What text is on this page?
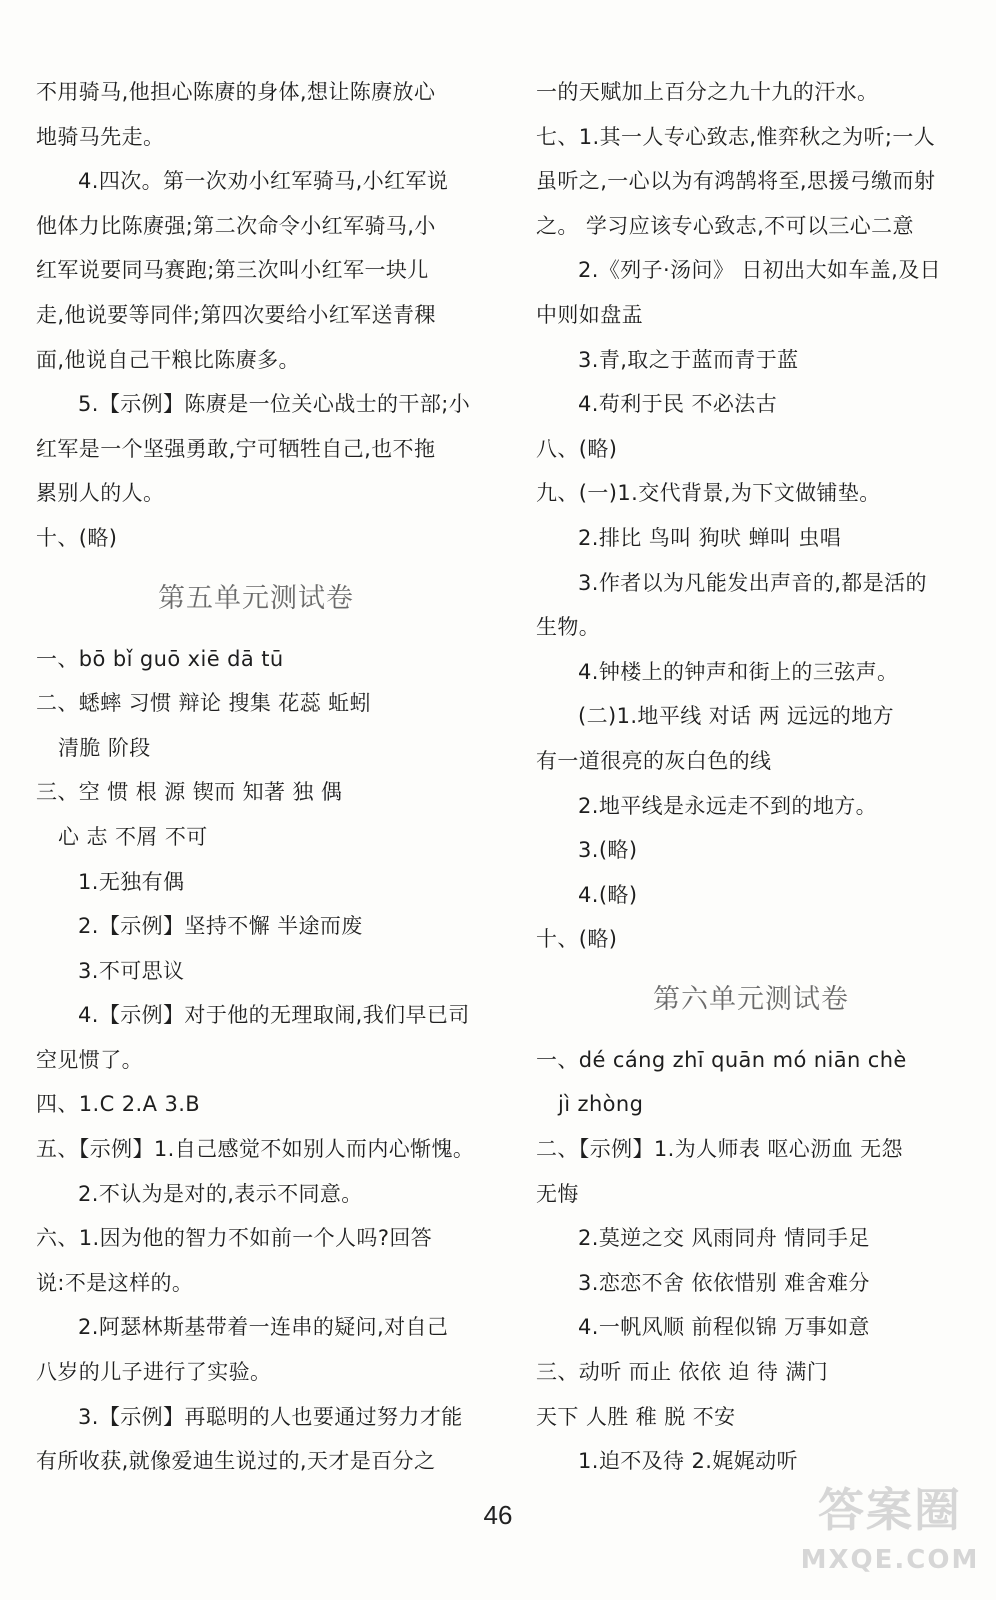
不用骑马,他担心陈赓的身体,想让陈赓放心
地骑马先走。
4.四次。第一次劝小红军骑马,小红军说
他体力比陈赓强;第二次命令小红军骑马,小
红军说要同马赛跑;第三次叫小红军一块儿
走,他说要等同伴;第四次要给小红军送青稞
面,他说自己干粮比陈赓多。
5.【示例】陈赓是一位关心战士的干部;小
红军是一个坚强勇敢,宁可牺牲自己,也不拖
累别人的人。
十、(略)
第五单元测试卷
一、bō bǐ guō xiē dā tū
二、蟋蟀 习惯 辩论 搜集 花蕊 蚯蚓
清脆 阶段
三、空 惯 根 源 锲而 知著 独 偶
心 志 不屑 不可
1.无独有偶
2.【示例】坚持不懈 半途而废
3.不可思议
4.【示例】对于他的无理取闹,我们早已司
空见惯了。
四、1.C 2.A 3.B
五、【示例】1.自己感觉不如别人而内心惭愧。
2.不认为是对的,表示不同意。
六、1.因为他的智力不如前一个人吗?回答
说:不是这样的。
2.阿瑟林斯基带着一连串的疑问,对自己
八岁的儿子进行了实验。
3.【示例】再聪明的人也要通过努力才能
有所收获,就像爱迪生说过的,天才是百分之
一的天赋加上百分之九十九的汗水。
七、1.其一人专心致志,惟弈秋之为听;一人
虽听之,一心以为有鸿鹄将至,思援弓缴而射
之。 学习应该专心致志,不可以三心二意
2.《列子·汤问》 日初出大如车盖,及日
中则如盘盂
3.青,取之于蓝而青于蓝
4.苟利于民 不必法古
八、(略)
九、(一)1.交代背景,为下文做铺垫。
2.排比 鸟叫 狗吠 蝉叫 虫唱
3.作者以为凡能发出声音的,都是活的
生物。
4.钟楼上的钟声和街上的三弦声。
(二)1.地平线 对话 两 远远的地方
有一道很亮的灰白色的线
2.地平线是永远走不到的地方。
3.(略)
4.(略)
十、(略)
第六单元测试卷
一、dé cáng zhī quān mó niān chè
jì zhòng
二、【示例】1.为人师表 呕心沥血 无怨
无悔
2.莫逆之交 风雨同舟 情同手足
3.恋恋不舍 依依惜别 难舍难分
4.一帆风顺 前程似锦 万事如意
三、动听 而止 依依 迫 待 满门
天下 人胜 稚 脱 不安
1.迫不及待 2.娓娓动听
46	答案圈
MXQE.COM
